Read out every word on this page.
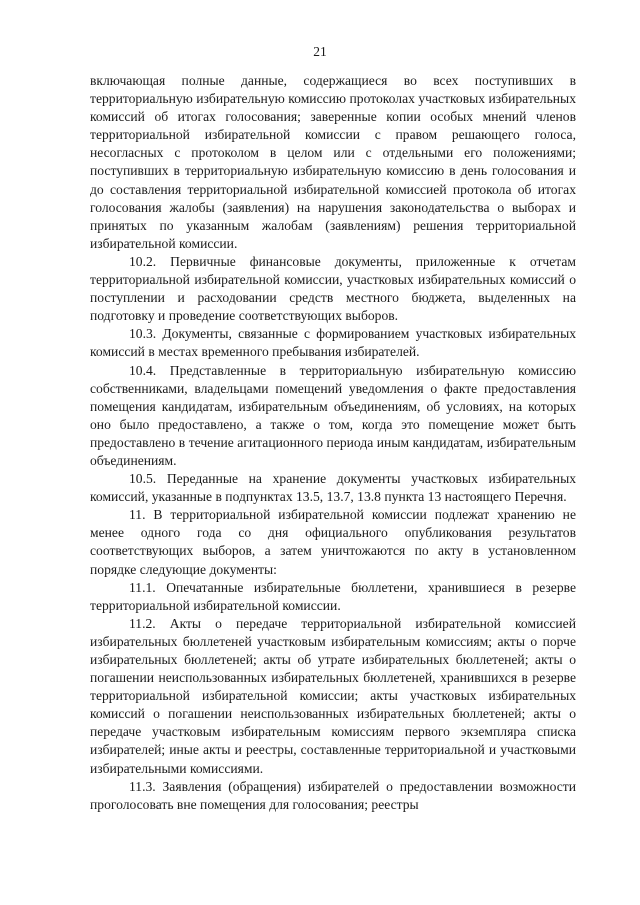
21

включающая полные данные, содержащиеся во всех поступивших в территориальную избирательную комиссию протоколах участковых избирательных комиссий об итогах голосования; заверенные копии особых мнений членов территориальной избирательной комиссии с правом решающего голоса, несогласных с протоколом в целом или с отдельными его положениями; поступивших в территориальную избирательную комиссию в день голосования и до составления территориальной избирательной комиссией протокола об итогах голосования жалобы (заявления) на нарушения законодательства о выборах и принятых по указанным жалобам (заявлениям) решения территориальной избирательной комиссии.

10.2. Первичные финансовые документы, приложенные к отчетам территориальной избирательной комиссии, участковых избирательных комиссий о поступлении и расходовании средств местного бюджета, выделенных на подготовку и проведение соответствующих выборов.

10.3. Документы, связанные с формированием участковых избирательных комиссий в местах временного пребывания избирателей.

10.4. Представленные в территориальную избирательную комиссию собственниками, владельцами помещений уведомления о факте предоставления помещения кандидатам, избирательным объединениям, об условиях, на которых оно было предоставлено, а также о том, когда это помещение может быть предоставлено в течение агитационного периода иным кандидатам, избирательным объединениям.

10.5. Переданные на хранение документы участковых избирательных комиссий, указанные в подпунктах 13.5, 13.7, 13.8 пункта 13 настоящего Перечня.

11. В территориальной избирательной комиссии подлежат хранению не менее одного года со дня официального опубликования результатов соответствующих выборов, а затем уничтожаются по акту в установленном порядке следующие документы:

11.1. Опечатанные избирательные бюллетени, хранившиеся в резерве территориальной избирательной комиссии.

11.2. Акты о передаче территориальной избирательной комиссией избирательных бюллетеней участковым избирательным комиссиям; акты о порче избирательных бюллетеней; акты об утрате избирательных бюллетеней; акты о погашении неиспользованных избирательных бюллетеней, хранившихся в резерве территориальной избирательной комиссии; акты участковых избирательных комиссий о погашении неиспользованных избирательных бюллетеней; акты о передаче участковым избирательным комиссиям первого экземпляра списка избирателей; иные акты и реестры, составленные территориальной и участковыми избирательными комиссиями.

11.3. Заявления (обращения) избирателей о предоставлении возможности проголосовать вне помещения для голосования; реестры
